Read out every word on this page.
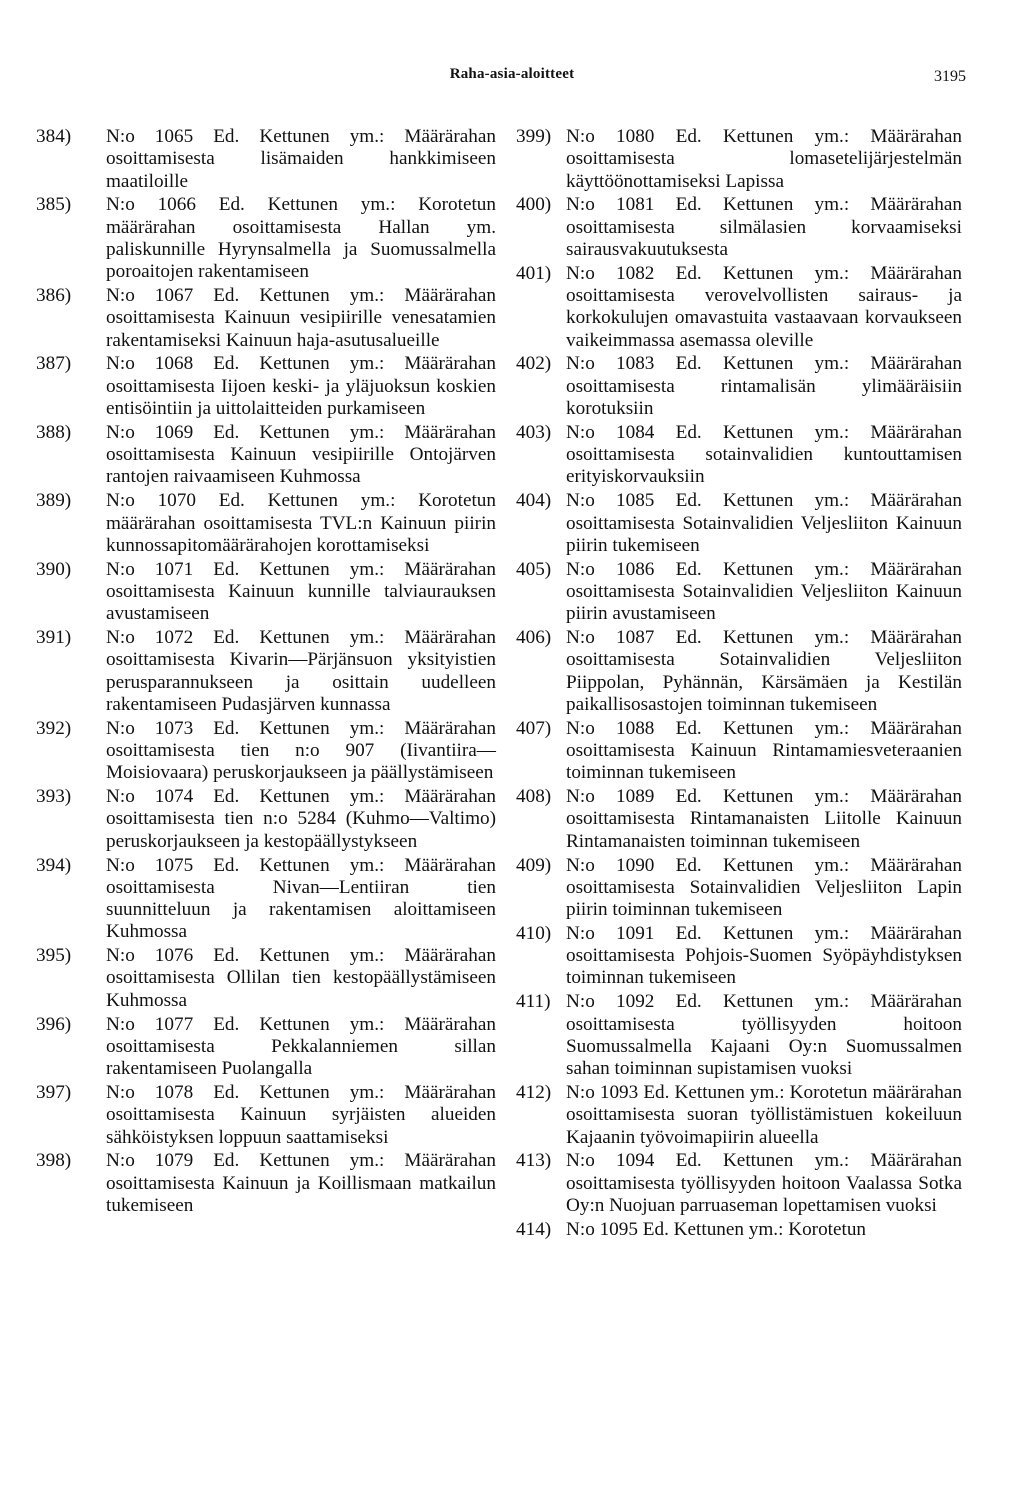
Raha-asia-aloitteet	3195
384) N:o 1065 Ed. Kettunen ym.: Määrärahan osoittamisesta lisämaiden hankkimiseen maatiloille
385) N:o 1066 Ed. Kettunen ym.: Korotetun määrärahan osoittamisesta Hallan ym. paliskunnille Hyrynsalmella ja Suomussalmella poroaitojen rakentamiseen
386) N:o 1067 Ed. Kettunen ym.: Määrärahan osoittamisesta Kainuun vesipiirille venesatamien rakentamiseksi Kainuun haja-asutusalueille
387) N:o 1068 Ed. Kettunen ym.: Määrärahan osoittamisesta Iijoen keski- ja yläjuoksun koskien entisöintiin ja uittolaitteiden purkamiseen
388) N:o 1069 Ed. Kettunen ym.: Määrärahan osoittamisesta Kainuun vesipiirille Ontojärven rantojen raivaamiseen Kuhmossa
389) N:o 1070 Ed. Kettunen ym.: Korotetun määrärahan osoittamisesta TVL:n Kainuun piirin kunnossapitomäärärahojen korottamiseksi
390) N:o 1071 Ed. Kettunen ym.: Määrärahan osoittamisesta Kainuun kunnille talviaurauksen avustamiseen
391) N:o 1072 Ed. Kettunen ym.: Määrärahan osoittamisesta Kivarin—Pärjänsuon yksityistien perusparannukseen ja osittain uudelleen rakentamiseen Pudasjärven kunnassa
392) N:o 1073 Ed. Kettunen ym.: Määrärahan osoittamisesta tien n:o 907 (Iivantiira—Moisiovaara) peruskorjaukseen ja päällystämiseen
393) N:o 1074 Ed. Kettunen ym.: Määrärahan osoittamisesta tien n:o 5284 (Kuhmo—Valtimo) peruskorjaukseen ja kestopäällystykseen
394) N:o 1075 Ed. Kettunen ym.: Määrärahan osoittamisesta Nivan—Lentiiran tien suunnitteluun ja rakentamisen aloittamiseen Kuhmossa
395) N:o 1076 Ed. Kettunen ym.: Määrärahan osoittamisesta Ollilan tien kestopäällystämiseen Kuhmossa
396) N:o 1077 Ed. Kettunen ym.: Määrärahan osoittamisesta Pekkalanniemen sillan rakentamiseen Puolangalla
397) N:o 1078 Ed. Kettunen ym.: Määrärahan osoittamisesta Kainuun syrjäisten alueiden sähköistyksen loppuun saattamiseksi
398) N:o 1079 Ed. Kettunen ym.: Määrärahan osoittamisesta Kainuun ja Koillismaan matkailun tukemiseen
399) N:o 1080 Ed. Kettunen ym.: Määrärahan osoittamisesta lomasetelijärjestelmän käyttöönottamiseksi Lapissa
400) N:o 1081 Ed. Kettunen ym.: Määrärahan osoittamisesta silmälasien korvaamiseksi sairausvakuutuksesta
401) N:o 1082 Ed. Kettunen ym.: Määrärahan osoittamisesta verovelvollisten sairaus- ja korkokulujen omavastuita vastaavaan korvaukseen vaikeimmassa asemassa oleville
402) N:o 1083 Ed. Kettunen ym.: Määrärahan osoittamisesta rintamalisän ylimääräisiin korotuksiin
403) N:o 1084 Ed. Kettunen ym.: Määrärahan osoittamisesta sotainvalidien kuntouttamisen erityiskorvauksiin
404) N:o 1085 Ed. Kettunen ym.: Määrärahan osoittamisesta Sotainvalidien Veljesliiton Kainuun piirin tukemiseen
405) N:o 1086 Ed. Kettunen ym.: Määrärahan osoittamisesta Sotainvalidien Veljesliiton Kainuun piirin avustamiseen
406) N:o 1087 Ed. Kettunen ym.: Määrärahan osoittamisesta Sotainvalidien Veljesliiton Piippolan, Pyhännän, Kärsämäen ja Kestilän paikallisosastojen toiminnan tukemiseen
407) N:o 1088 Ed. Kettunen ym.: Määrärahan osoittamisesta Kainuun Rintamamiesveteraanien toiminnan tukemiseen
408) N:o 1089 Ed. Kettunen ym.: Määrärahan osoittamisesta Rintamanaisten Liitolle Kainuun Rintamanaisten toiminnan tukemiseen
409) N:o 1090 Ed. Kettunen ym.: Määrärahan osoittamisesta Sotainvalidien Veljesliiton Lapin piirin toiminnan tukemiseen
410) N:o 1091 Ed. Kettunen ym.: Määrärahan osoittamisesta Pohjois-Suomen Syöpäyhdistyksen toiminnan tukemiseen
411) N:o 1092 Ed. Kettunen ym.: Määrärahan osoittamisesta työllisyyden hoitoon Suomussalmella Kajaani Oy:n Suomussalmen sahan toiminnan supistamisen vuoksi
412) N:o 1093 Ed. Kettunen ym.: Korotetun määrärahan osoittamisesta suoran työllistämistuen kokeiluun Kajaanin työvoimapiirin alueella
413) N:o 1094 Ed. Kettunen ym.: Määrärahan osoittamisesta työllisyyden hoitoon Vaalassa Sotka Oy:n Nuojuan parruaseman lopettamisen vuoksi
414) N:o 1095 Ed. Kettunen ym.: Korotetun
